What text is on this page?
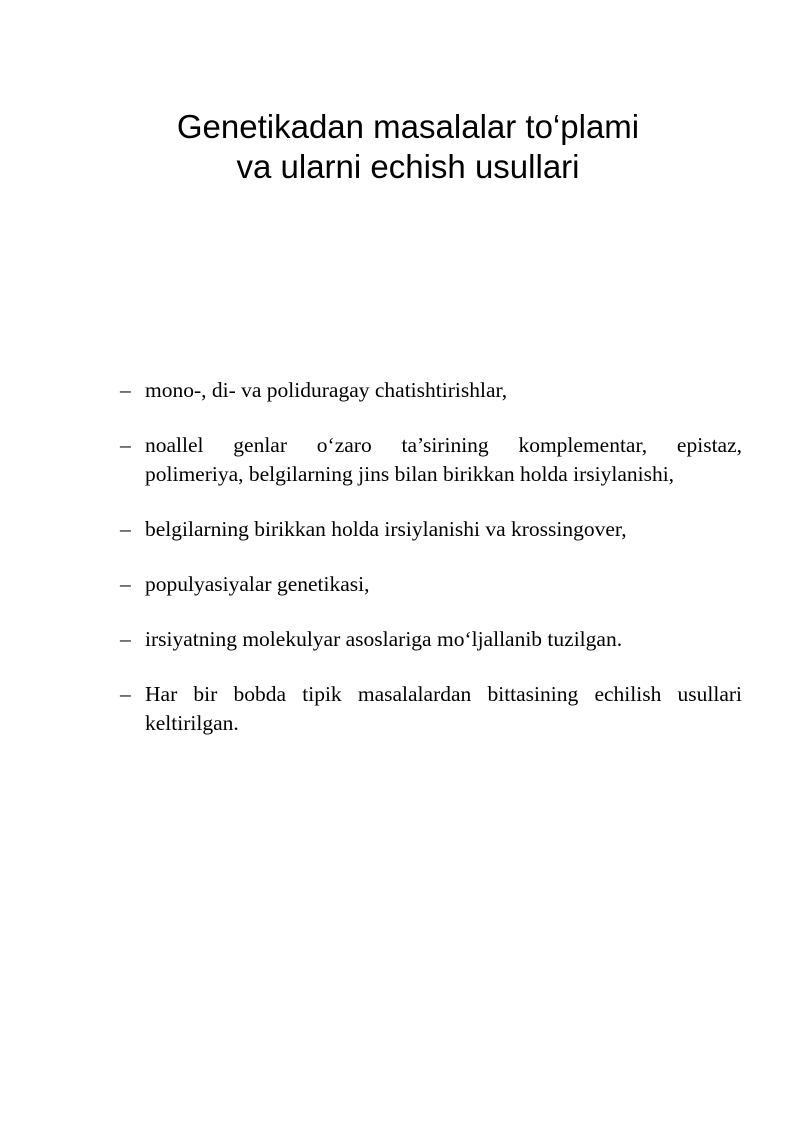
Genetikadan masalalar to‘plami
va ularni echish usullari
– mono-, di- va poliduragay chatishtirishlar,
– noallel genlar o‘zaro ta’sirining komplementar, epistaz,
polimeriya, belgilarning jins bilan birikkan holda irsiylanishi,
– belgilarning birikkan holda irsiylanishi va krossingover,
– populyasiyalar genetikasi,
– irsiyatning molekulyar asoslariga mo‘ljallanib tuzilgan.
– Har bir bobda tipik masalalardan bittasining echilish usullari
keltirilgan.
